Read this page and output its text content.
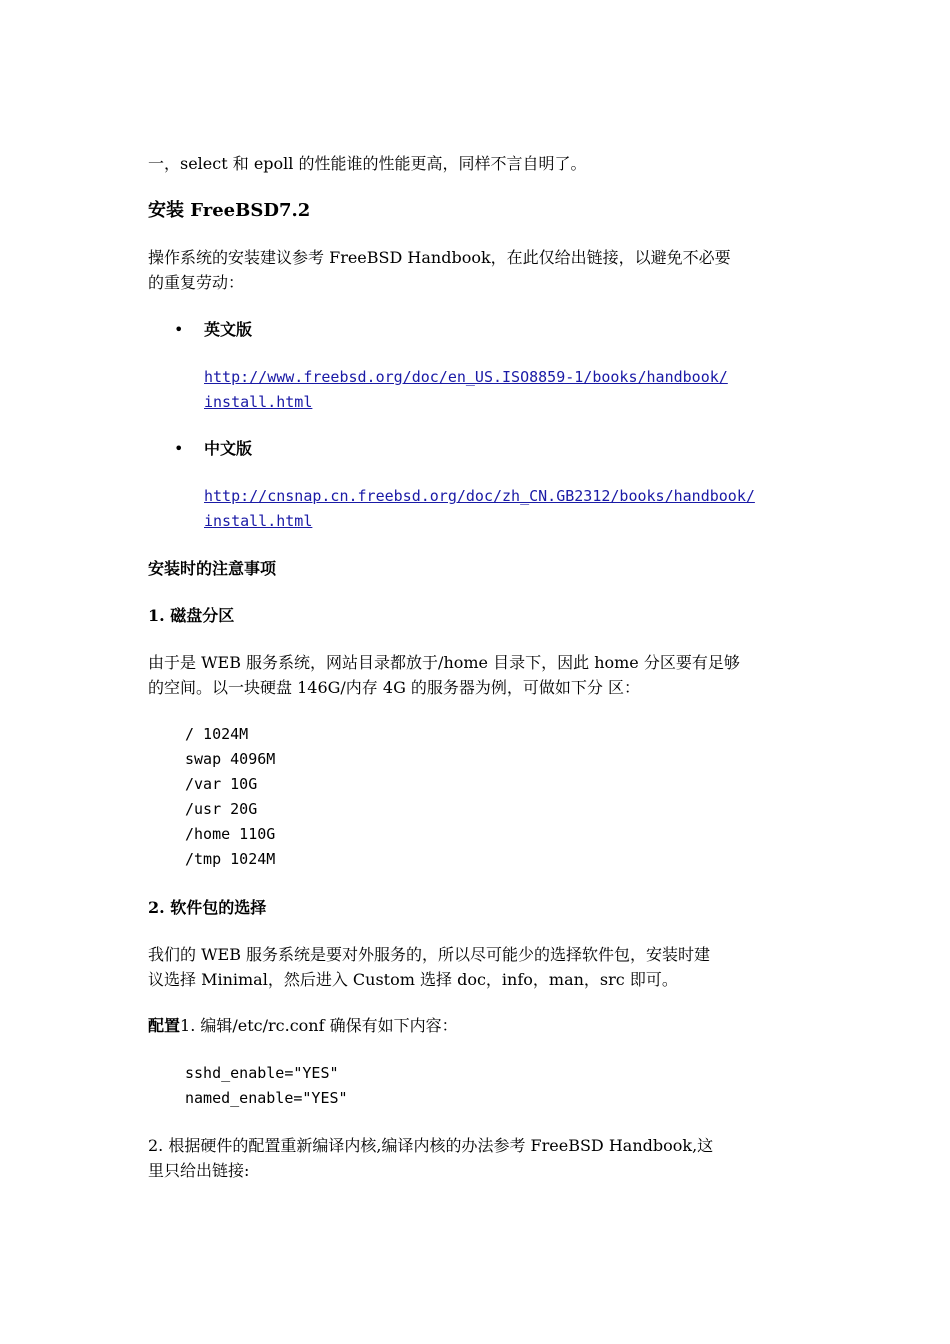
一，select 和 epoll 的性能谁的性能更高，同样不言自明了。
安装 FreeBSD7.2
操作系统的安装建议参考 FreeBSD Handbook，在此仅给出链接，以避免不必要
的重复劳动：
• 英文版
http://www.freebsd.org/doc/en_US.ISO8859-1/books/handbook/
install.html
• 中文版
http://cnsnap.cn.freebsd.org/doc/zh_CN.GB2312/books/handbook/
install.html
安装时的注意事项
1. 磁盘分区
由于是 WEB 服务系统，网站目录都放于/home 目录下，因此 home 分区要有足够
的空间。以一块硬盘 146G/内存 4G 的服务器为例，可做如下分 区：
/ 1024M
swap 4096M
/var 10G
/usr 20G
/home 110G
/tmp 1024M
2. 软件包的选择
我们的 WEB 服务系统是要对外服务的，所以尽可能少的选择软件包，安装时建
议选择 Minimal，然后进入 Custom 选择 doc，info，man，src 即可。
配置1. 编辑/etc/rc.conf 确保有如下内容：
sshd_enable="YES"
named_enable="YES"
2. 根据硬件的配置重新编译内核,编译内核的办法参考 FreeBSD Handbook,这
里只给出链接:
